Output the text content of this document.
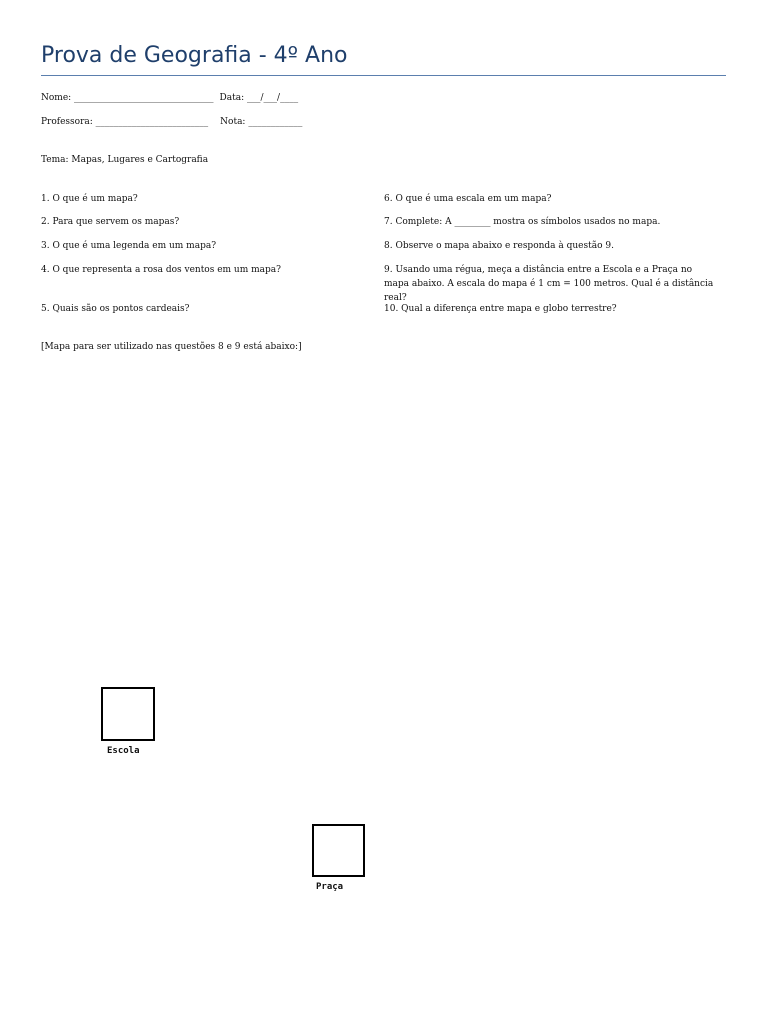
Prova de Geografia - 4º Ano
Nome: _______________________________ Data: ___/___/____
Professora: _________________________ Nota: ____________
Tema: Mapas, Lugares e Cartografia
1. O que é um mapa?
2. Para que servem os mapas?
3. O que é uma legenda em um mapa?
4. O que representa a rosa dos ventos em um mapa?
5. Quais são os pontos cardeais?
6. O que é uma escala em um mapa?
7. Complete: A ________ mostra os símbolos usados no mapa.
8. Observe o mapa abaixo e responda à questão 9.
9. Usando uma régua, meça a distância entre a Escola e a Praça no mapa abaixo. A escala do mapa é 1 cm = 100 metros. Qual é a distância real?
10. Qual a diferença entre mapa e globo terrestre?
[Mapa para ser utilizado nas questões 8 e 9 está abaixo:]
Escola
Praça
